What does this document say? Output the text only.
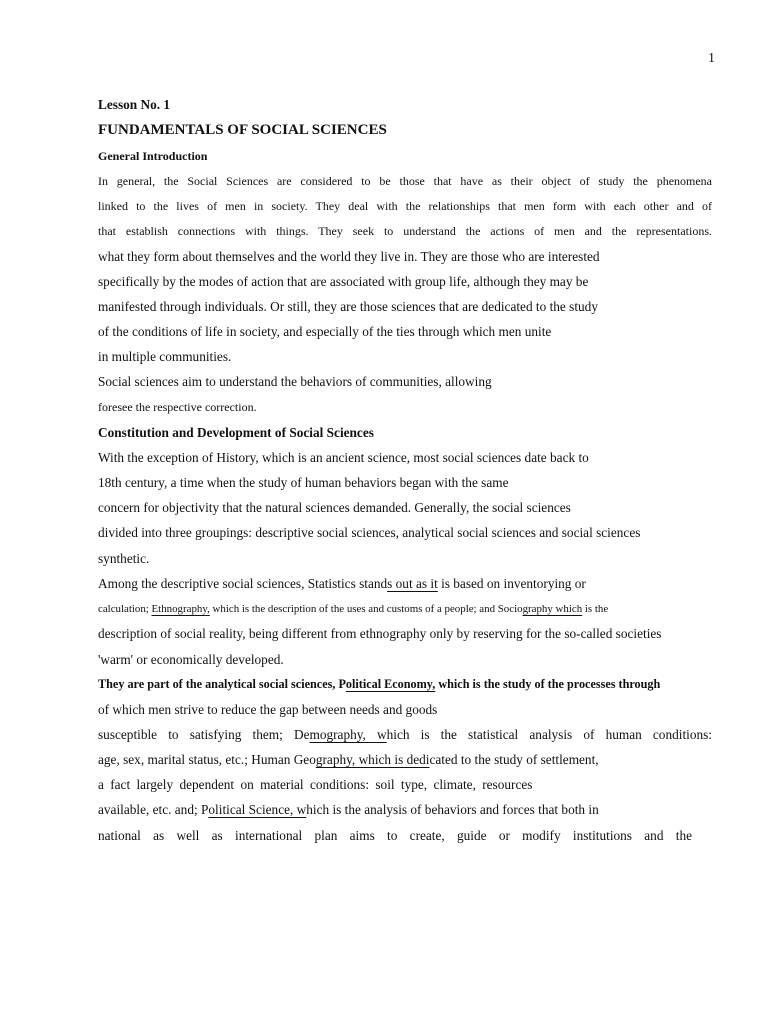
1
Lesson No. 1
FUNDAMENTALS OF SOCIAL SCIENCES
General Introduction
In general, the Social Sciences are considered to be those that have as their object of study the phenomena
linked to the lives of men in society. They deal with the relationships that men form with each other and of
that establish connections with things. They seek to understand the actions of men and the representations.
what they form about themselves and the world they live in. They are those who are interested
specifically by the modes of action that are associated with group life, although they may be
manifested through individuals. Or still, they are those sciences that are dedicated to the study
of the conditions of life in society, and especially of the ties through which men unite
in multiple communities.
Social sciences aim to understand the behaviors of communities, allowing
foresee the respective correction.
Constitution and Development of Social Sciences
With the exception of History, which is an ancient science, most social sciences date back to
18th century, a time when the study of human behaviors began with the same
concern for objectivity that the natural sciences demanded. Generally, the social sciences
divided into three groupings: descriptive social sciences, analytical social sciences and social sciences
synthetic.
Among the descriptive social sciences, Statistics stands out as it is based on inventorying or
calculation; Ethnography, which is the description of the uses and customs of a people; and Sociography which is the
description of social reality, being different from ethnography only by reserving for the so-called societies
'warm' or economically developed.
They are part of the analytical social sciences, Political Economy, which is the study of the processes through
of which men strive to reduce the gap between needs and goods
susceptible to satisfying them; Demography, which is the statistical analysis of human conditions:
age, sex, marital status, etc.; Human Geography, which is dedicated to the study of settlement,
a fact largely dependent on material conditions: soil type, climate, resources
available, etc. and; Political Science, which is the analysis of behaviors and forces that both in
national as well as international plan aims to create, guide or modify institutions and the
